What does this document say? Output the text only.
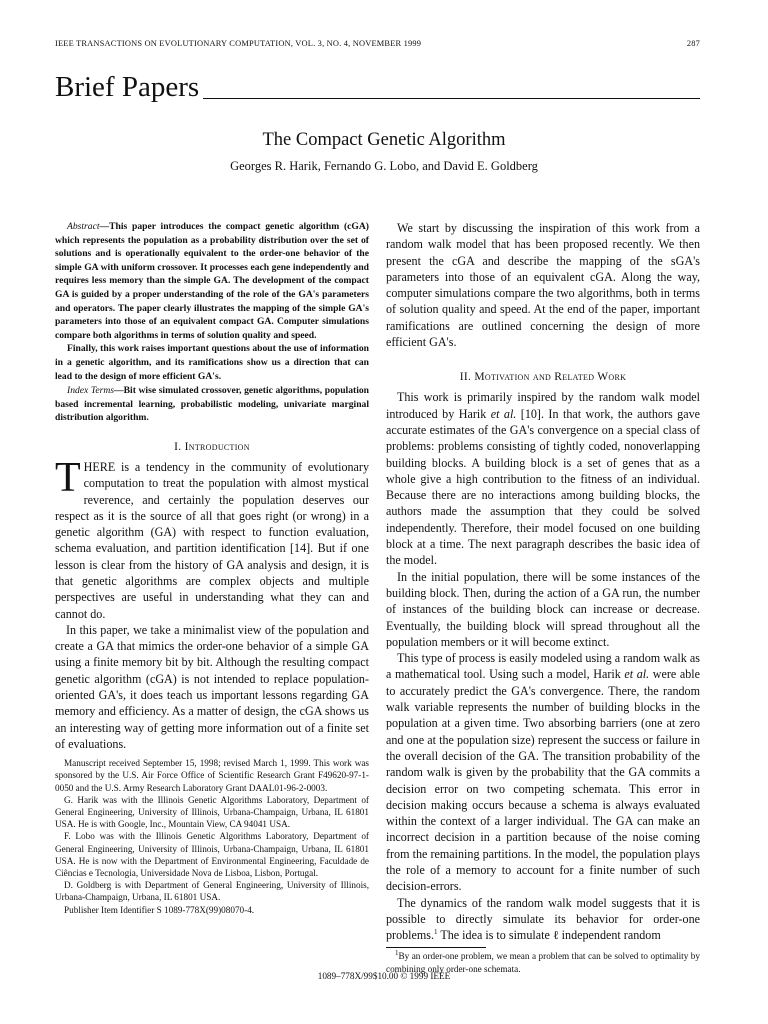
IEEE TRANSACTIONS ON EVOLUTIONARY COMPUTATION, VOL. 3, NO. 4, NOVEMBER 1999	287
Brief Papers
The Compact Genetic Algorithm
Georges R. Harik, Fernando G. Lobo, and David E. Goldberg

Abstract—This paper introduces the compact genetic algorithm (cGA) which represents the population as a probability distribution over the set of solutions and is operationally equivalent to the order-one behavior of the simple GA with uniform crossover. It processes each gene independently and requires less memory than the simple GA. The development of the compact GA is guided by a proper understanding of the role of the GA's parameters and operators. The paper clearly illustrates the mapping of the simple GA's parameters into those of an equivalent compact GA. Computer simulations compare both algorithms in terms of solution quality and speed.

Finally, this work raises important questions about the use of information in a genetic algorithm, and its ramifications show us a direction that can lead to the design of more efficient GA's.

Index Terms—Bit wise simulated crossover, genetic algorithms, population based incremental learning, probabilistic modeling, univariate marginal distribution algorithm.

I. Introduction

THERE is a tendency in the community of evolutionary computation to treat the population with almost mystical reverence, and certainly the population deserves our respect as it is the source of all that goes right (or wrong) in a genetic algorithm (GA) with respect to function evaluation, schema evaluation, and partition identification [14]. But if one lesson is clear from the history of GA analysis and design, it is that genetic algorithms are complex objects and multiple perspectives are useful in understanding what they can and cannot do.

In this paper, we take a minimalist view of the population and create a GA that mimics the order-one behavior of a simple GA using a finite memory bit by bit. Although the resulting compact genetic algorithm (cGA) is not intended to replace population-oriented GA's, it does teach us important lessons regarding GA memory and efficiency. As a matter of design, the cGA shows us an interesting way of getting more information out of a finite set of evaluations.

Manuscript received September 15, 1998; revised March 1, 1999. This work was sponsored by the U.S. Air Force Office of Scientific Research Grant F49620-97-1-0050 and the U.S. Army Research Laboratory Grant DAAL01-96-2-0003.

G. Harik was with the Illinois Genetic Algorithms Laboratory, Department of General Engineering, University of Illinois, Urbana-Champaign, Urbana, IL 61801 USA. He is with Google, Inc., Mountain View, CA 94041 USA.

F. Lobo was with the Illinois Genetic Algorithms Laboratory, Department of General Engineering, University of Illinois, Urbana-Champaign, Urbana, IL 61801 USA. He is now with the Department of Environmental Engineering, Faculdade de Ciências e Tecnologia, Universidade Nova de Lisboa, Lisbon, Portugal.

D. Goldberg is with Department of General Engineering, University of Illinois, Urbana-Champaign, Urbana, IL 61801 USA.

Publisher Item Identifier S 1089-778X(99)08070-4.

We start by discussing the inspiration of this work from a random walk model that has been proposed recently. We then present the cGA and describe the mapping of the sGA's parameters into those of an equivalent cGA. Along the way, computer simulations compare the two algorithms, both in terms of solution quality and speed. At the end of the paper, important ramifications are outlined concerning the design of more efficient GA's.

II. Motivation and Related Work

This work is primarily inspired by the random walk model introduced by Harik et al. [10]. In that work, the authors gave accurate estimates of the GA's convergence on a special class of problems: problems consisting of tightly coded, nonoverlapping building blocks. A building block is a set of genes that as a whole give a high contribution to the fitness of an individual. Because there are no interactions among building blocks, the authors made the assumption that they could be solved independently. Therefore, their model focused on one building block at a time. The next paragraph describes the basic idea of the model.

In the initial population, there will be some instances of the building block. Then, during the action of a GA run, the number of instances of the building block can increase or decrease. Eventually, the building block will spread throughout all the population members or it will become extinct.

This type of process is easily modeled using a random walk as a mathematical tool. Using such a model, Harik et al. were able to accurately predict the GA's convergence. There, the random walk variable represents the number of building blocks in the population at a given time. Two absorbing barriers (one at zero and one at the population size) represent the success or failure in the overall decision of the GA. The transition probability of the random walk is given by the probability that the GA commits a decision error on two competing schemata. This error in decision making occurs because a schema is always evaluated within the context of a larger individual. The GA can make an incorrect decision in a partition because of the noise coming from the remaining partitions. In the model, the population plays the role of a memory to account for a finite number of such decision-errors.

The dynamics of the random walk model suggests that it is possible to directly simulate its behavior for order-one problems.$^1$ The idea is to simulate ℓ independent random

$^1$By an order-one problem, we mean a problem that can be solved to optimality by combining only order-one schemata.

1089–778X/99$10.00 © 1999 IEEE
